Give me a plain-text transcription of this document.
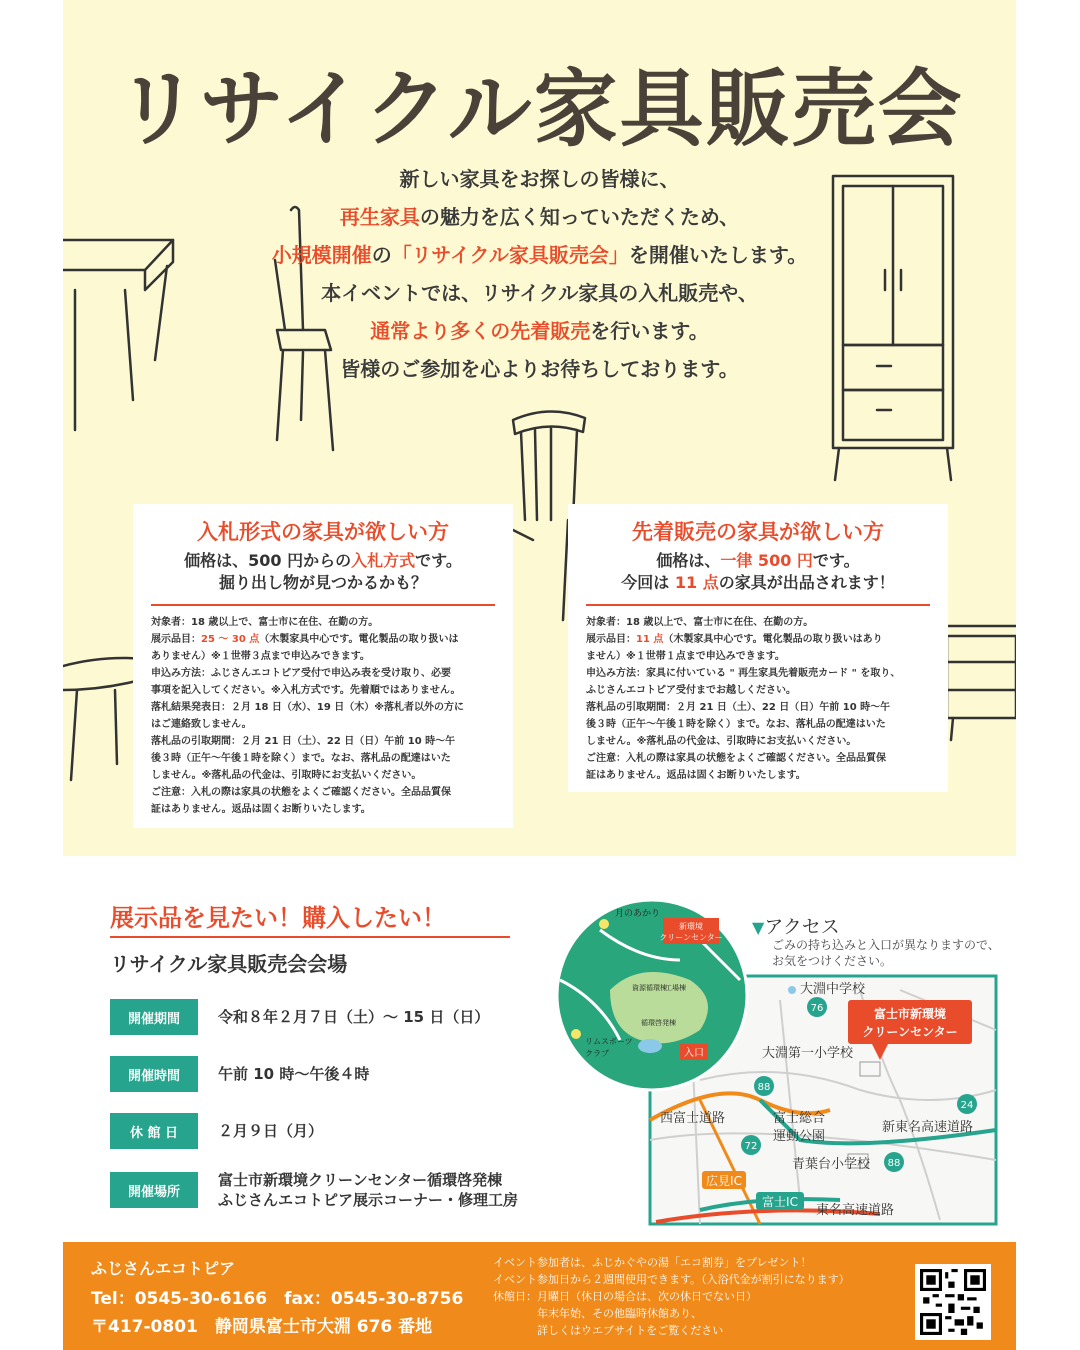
リサイクル家具販売会
新しい家具をお探しの皆様に、
再生家具の魅力を広く知っていただくため、
小規模開催の「リサイクル家具販売会」を開催いたします。
本イベントでは、リサイクル家具の入札販売や、
通常より多くの先着販売を行います。
皆様のご参加を心よりお待ちしております。
入札形式の家具が欲しい方
価格は、500 円からの入札方式です。
掘り出し物が見つかるかも？
対象者：18 歳以上で、富士市に在住、在勤の方。
展示品目：25 ～ 30 点（木製家具中心です。電化製品の取り扱いは
ありません）※１世帯３点まで申込みできます。
申込み方法：ふじさんエコトピア受付で申込み表を受け取り、必要
事項を記入してください。※入札方式です。先着順ではありません。
落札結果発表日：２月 18 日（水）、19 日（木）※落札者以外の方に
はご連絡致しません。
落札品の引取期間：２月 21 日（土）、22 日（日）午前 10 時～午
後３時（正午～午後１時を除く）まで。なお、落札品の配達はいた
しません。※落札品の代金は、引取時にお支払いください。
ご注意：入札の際は家具の状態をよくご確認ください。全品品質保
証はありません。返品は固くお断りいたします。
先着販売の家具が欲しい方
価格は、一律 500 円です。
今回は 11 点の家具が出品されます！
対象者：18 歳以上で、富士市に在住、在勤の方。
展示品目：11 点（木製家具中心です。電化製品の取り扱いはあり
ません）※１世帯１点まで申込みできます。
申込み方法：家具に付いている " 再生家具先着販売カード " を取り、
ふじさんエコトピア受付までお越しください。
落札品の引取期間：２月 21 日（土）、22 日（日）午前 10 時～午
後３時（正午～午後１時を除く）まで。なお、落札品の配達はいた
しません。※落札品の代金は、引取時にお支払いください。
ご注意：入札の際は家具の状態をよくご確認ください。全品品質保
証はありません。返品は固くお断りいたします。
展示品を見たい！購入したい！
リサイクル家具販売会会場
開催期間	令和８年２月７日（土）～ 15 日（日）
開催時間	午前 10 時～午後４時
休 館 日	２月９日（月）
開催場所
富士市新環境クリーンセンター循環啓発棟
ふじさんエコトピア展示コーナー・修理工房
▼アクセス
ごみの持ち込みと入口が異なりますので、
お気をつけください。
76
88
24
72
88
大淵中学校
大淵第一小学校
西富士道路	富士総合
運動公園
新東名高速道路
青葉台小学校
東名高速道路
広見IC
富士IC
富士市新環境
クリーンセンター
月のあかり
新環境
クリーンセンター
資源循環棟
工場棟
循環啓発棟
リムスポーツ
クラブ	入口
ふじさんエコトピア
Tel：0545-30-6166　fax：0545-30-8756
〒417-0801　静岡県富士市大淵 676 番地
イベント参加者は、ふじかぐやの湯「エコ割券」をプレゼント！
イベント参加日から２週間使用できます。（入浴代金が割引になります）
休館日：月曜日（休日の場合は、次の休日でない日）
　　　　年末年始、その他臨時休館あり、
　　　　詳しくはウエブサイトをご覧ください
